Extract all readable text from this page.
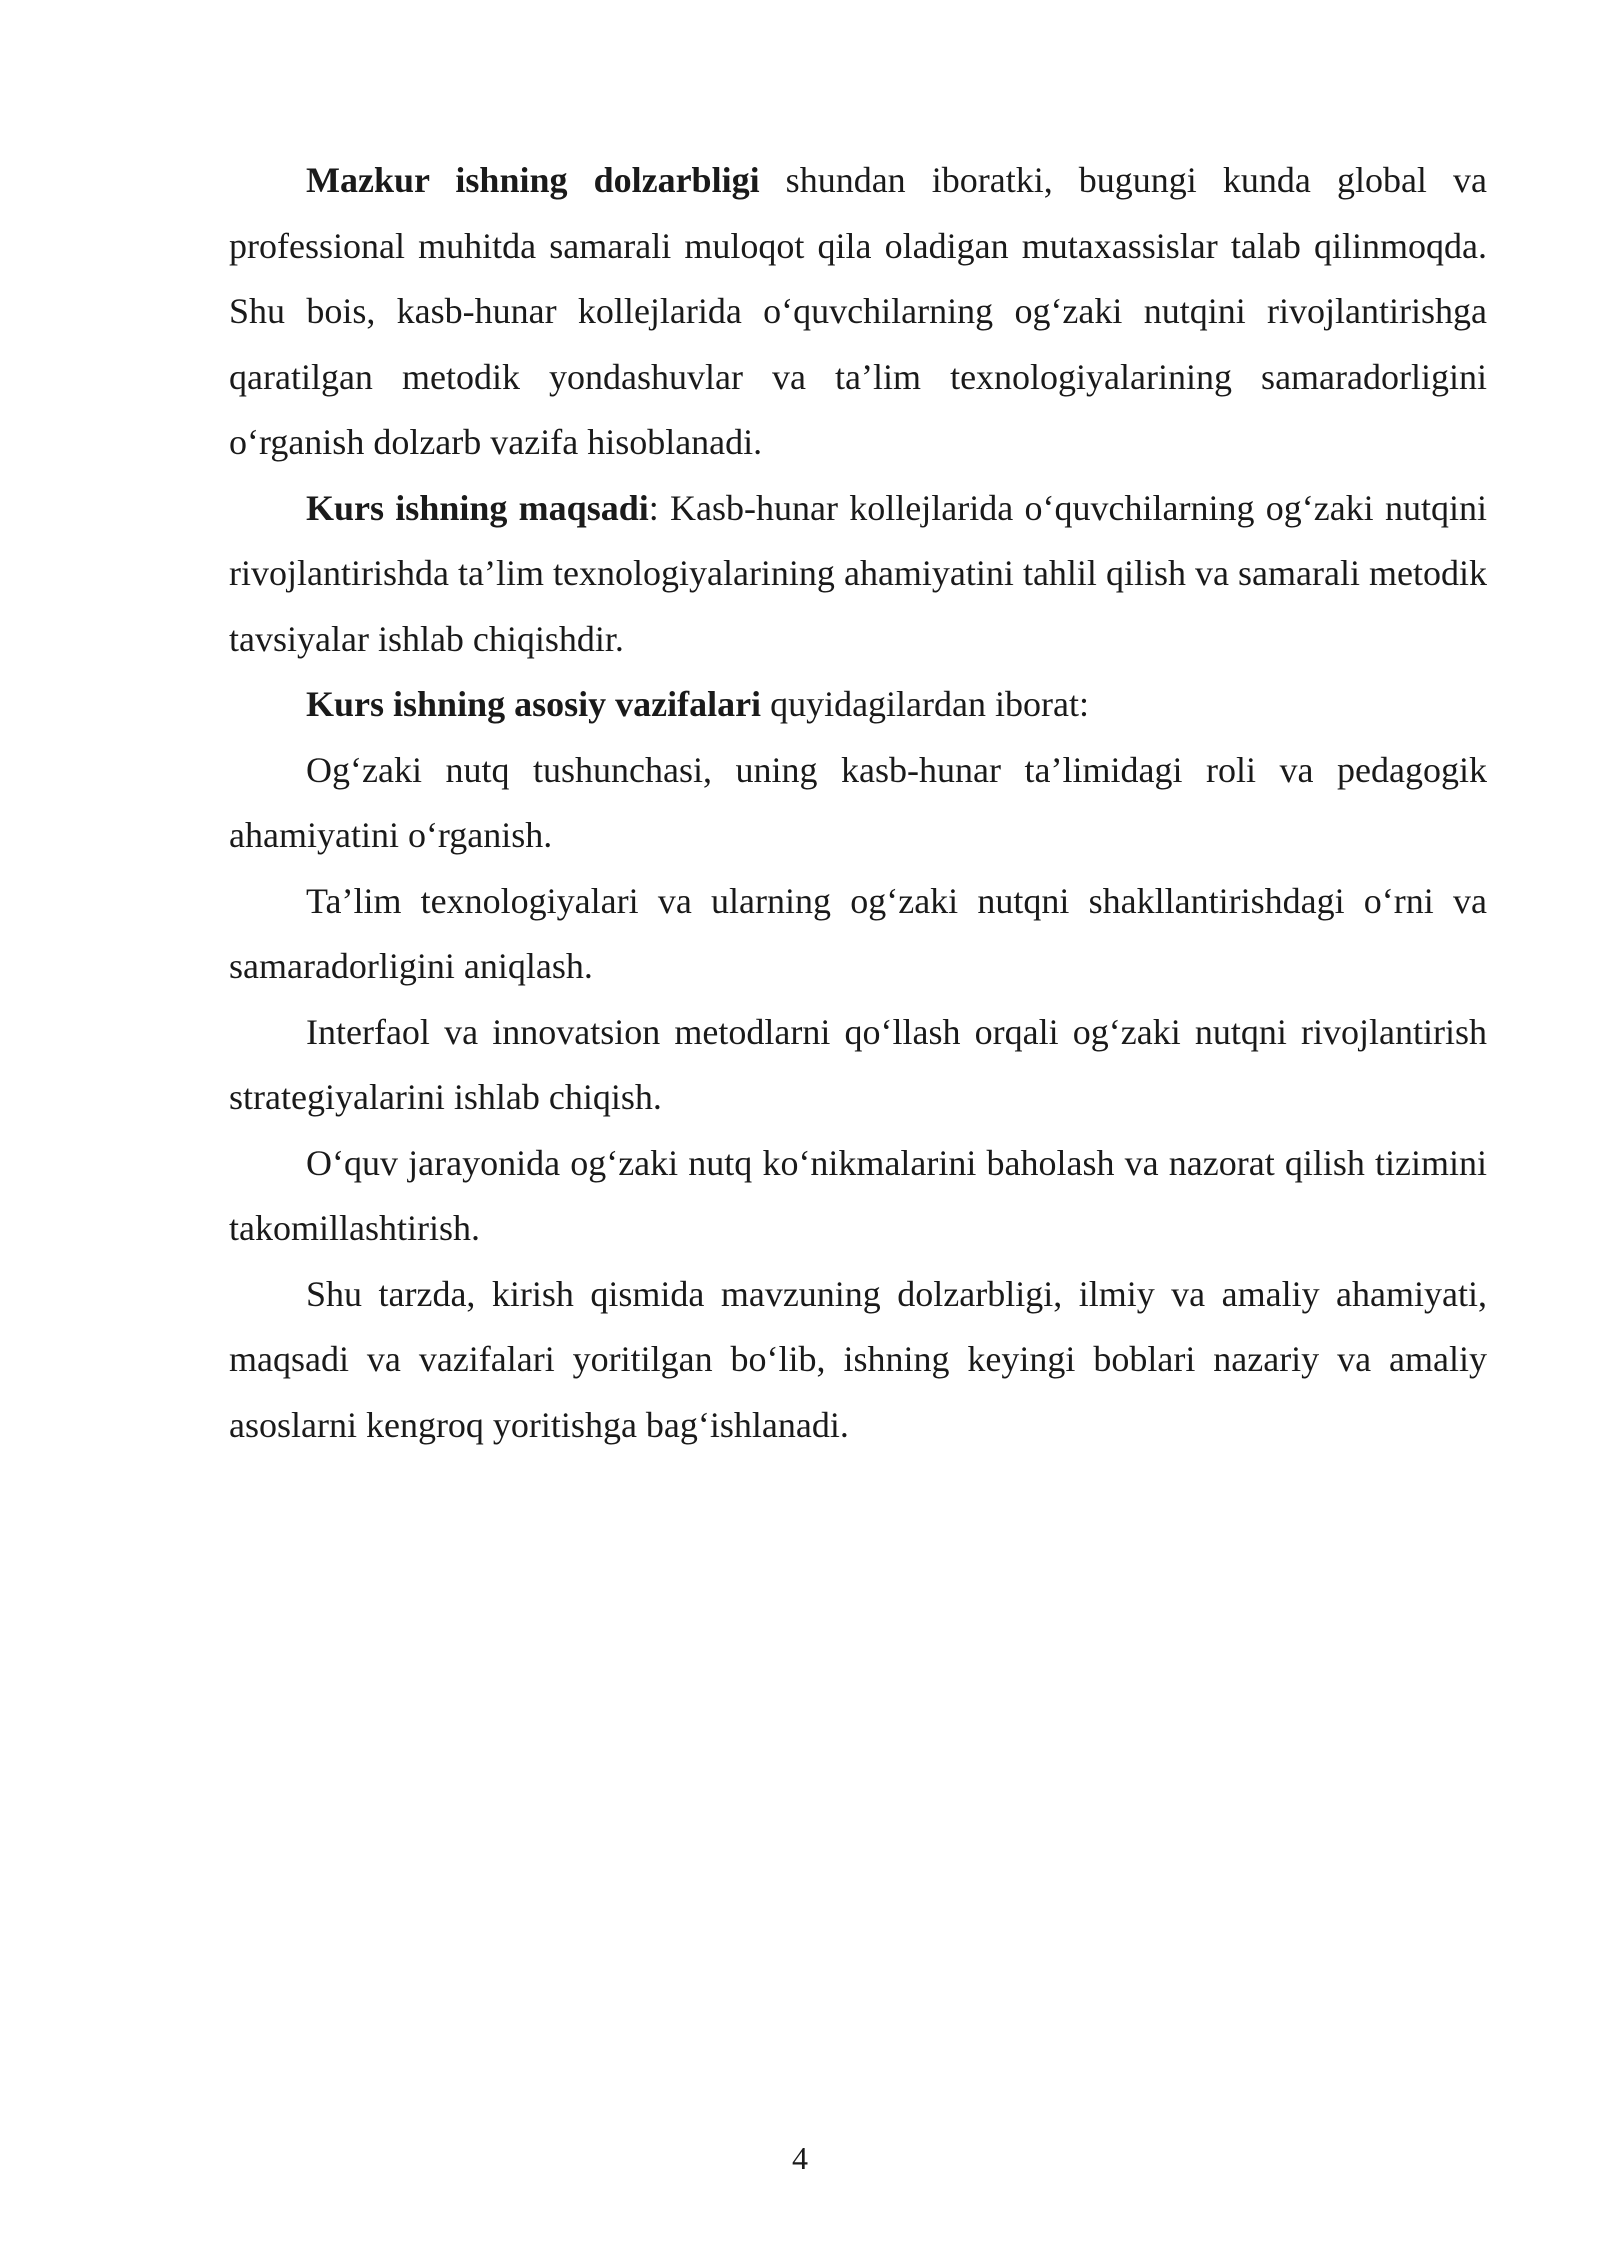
Mazkur ishning dolzarbligi shundan iboratki, bugungi kunda global va professional muhitda samarali muloqot qila oladigan mutaxassislar talab qilinmoqda. Shu bois, kasb-hunar kollejlarida o‘quvchilarning og‘zaki nutqini rivojlantirishga qaratilgan metodik yondashuvlar va ta’lim texnologiyalarining samaradorligini o‘rganish dolzarb vazifa hisoblanadi.

Kurs ishning maqsadi: Kasb-hunar kollejlarida o‘quvchilarning og‘zaki nutqini rivojlantirishda ta’lim texnologiyalarining ahamiyatini tahlil qilish va samarali metodik tavsiyalar ishlab chiqishdir.

Kurs ishning asosiy vazifalari quyidagilardan iborat:

Og‘zaki nutq tushunchasi, uning kasb-hunar ta’limidagi roli va pedagogik ahamiyatini o‘rganish.

Ta’lim texnologiyalari va ularning og‘zaki nutqni shakllantirishdagi o‘rni va samaradorligini aniqlash.

Interfaol va innovatsion metodlarni qo‘llash orqali og‘zaki nutqni rivojlantirish strategiyalarini ishlab chiqish.

O‘quv jarayonida og‘zaki nutq ko‘nikmalarini baholash va nazorat qilish tizimini takomillashtirish.

Shu tarzda, kirish qismida mavzuning dolzarbligi, ilmiy va amaliy ahamiyati, maqsadi va vazifalari yoritilgan bo‘lib, ishning keyingi boblari nazariy va amaliy asoslarni kengroq yoritishga bag‘ishlanadi.

4
